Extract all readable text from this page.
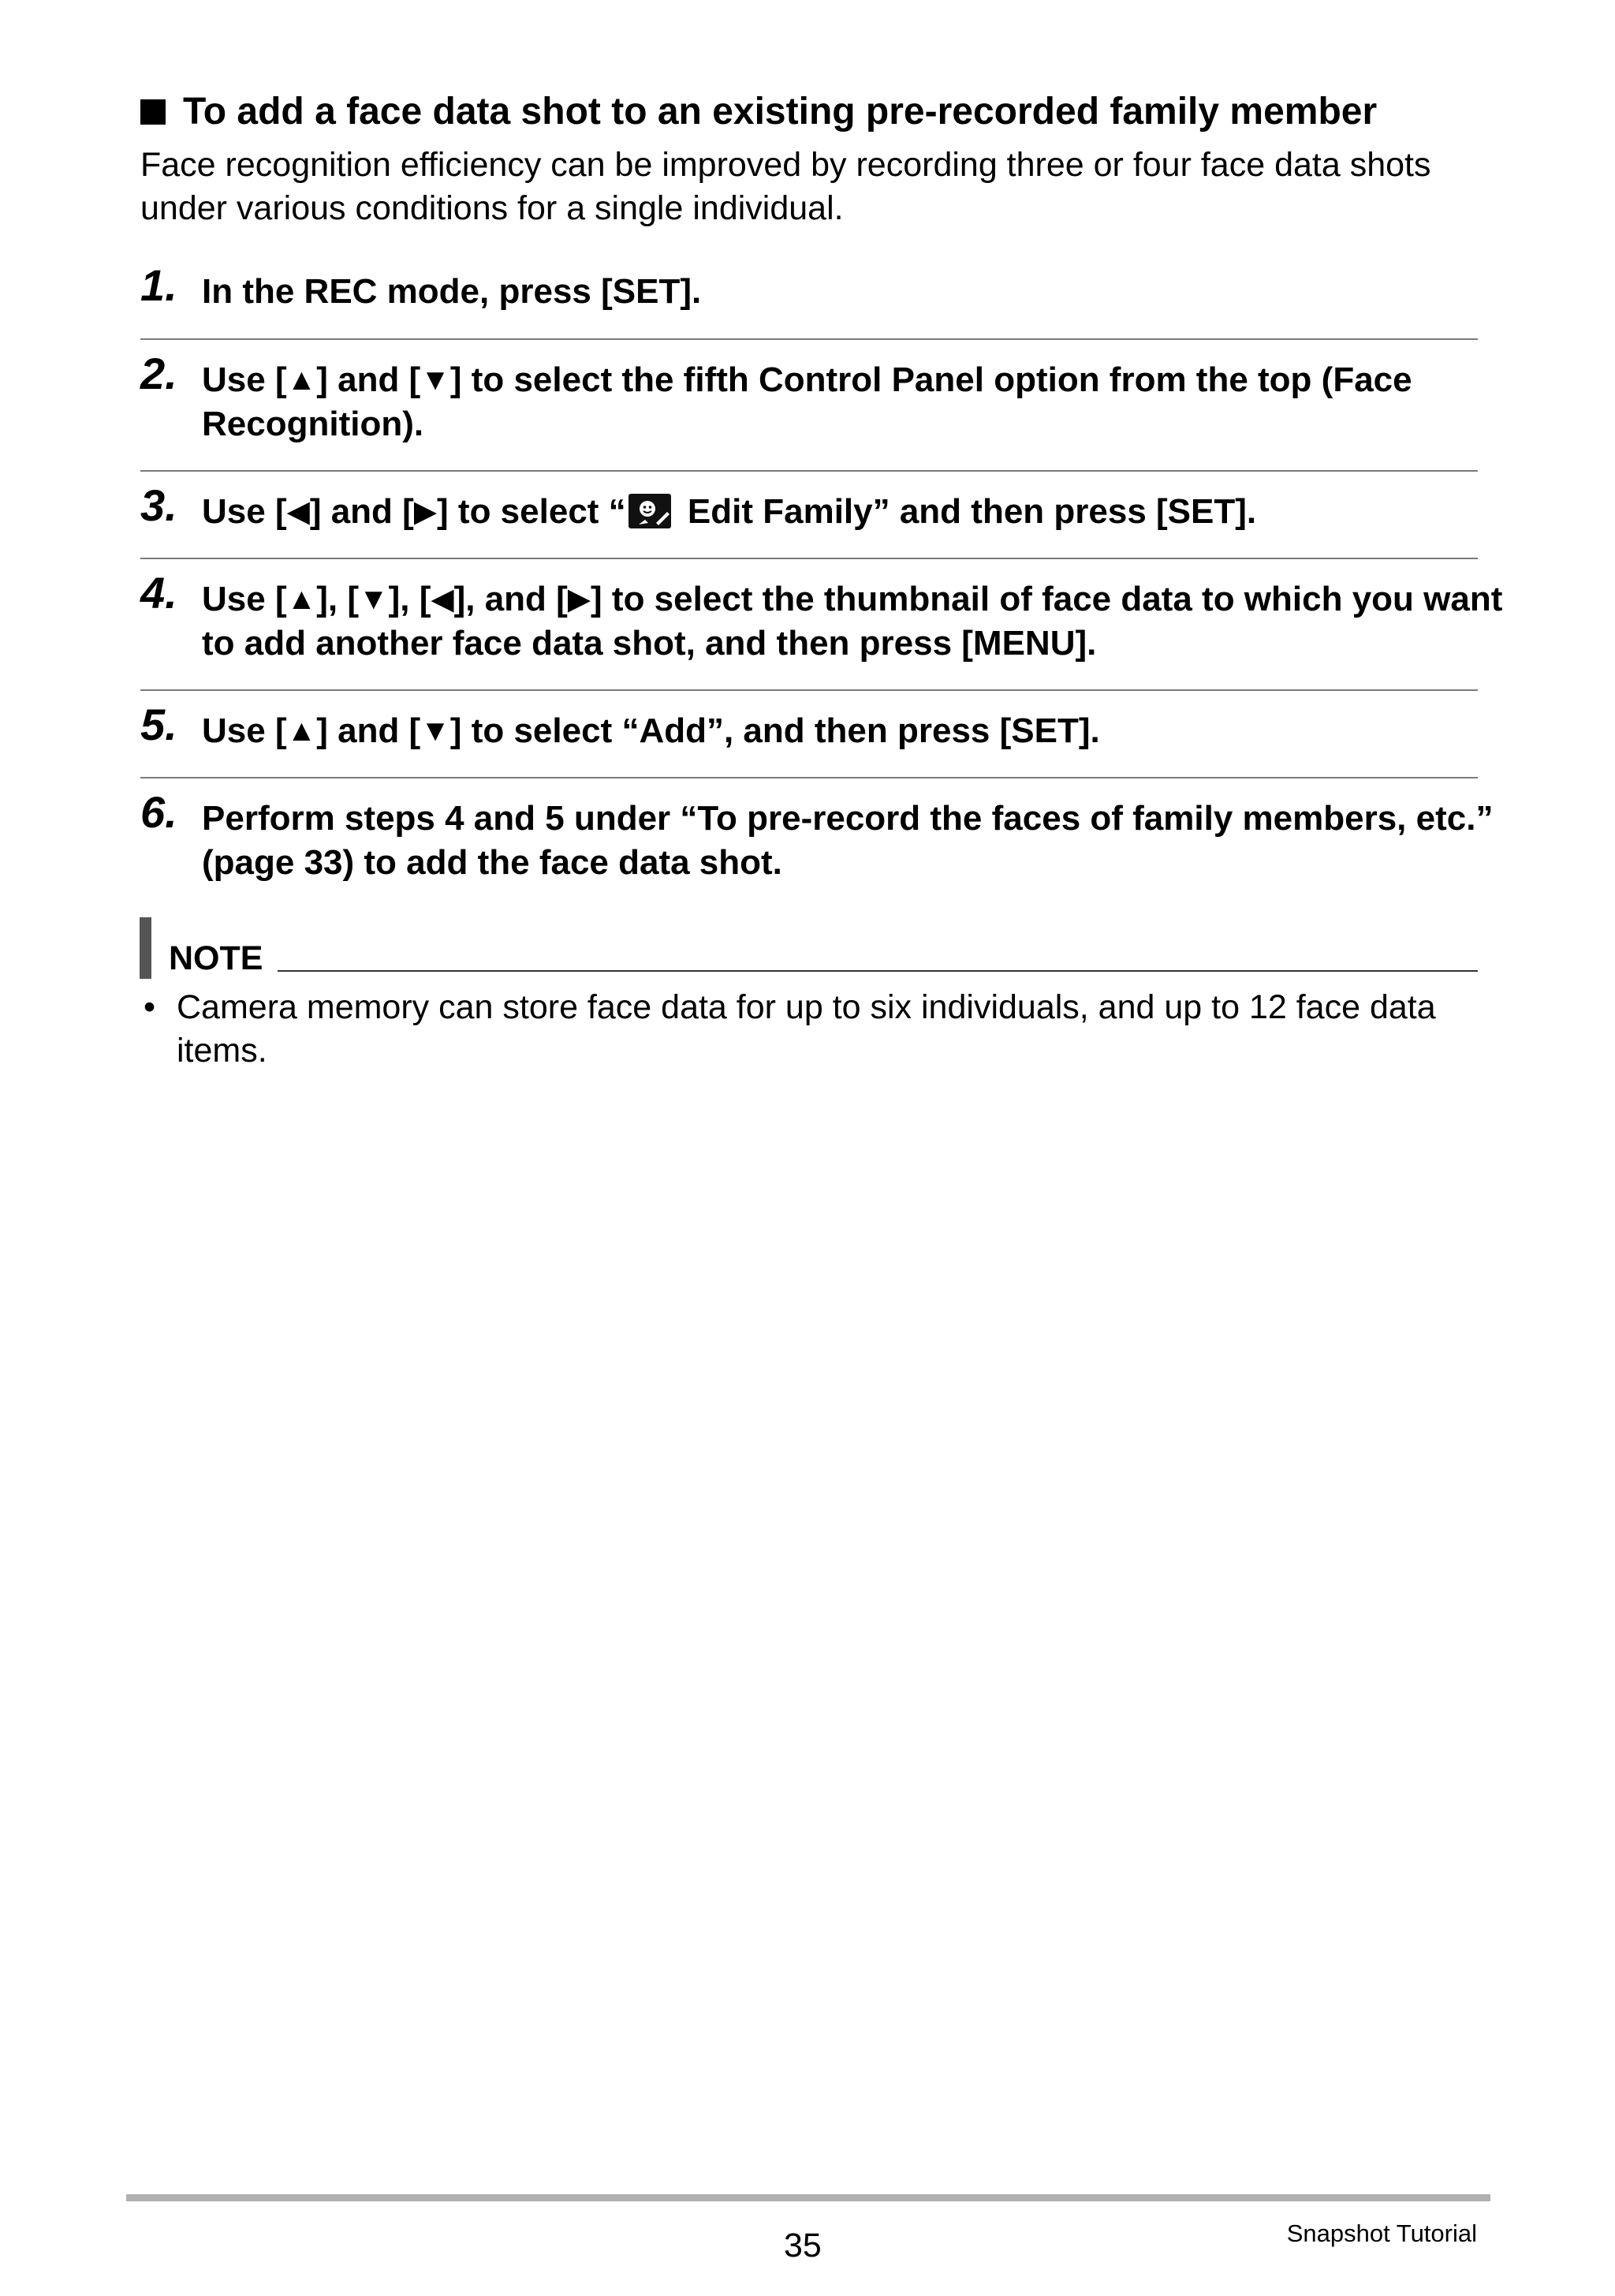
To add a face data shot to an existing pre-recorded family member
Face recognition efficiency can be improved by recording three or four face data shots under various conditions for a single individual.
1. In the REC mode, press [SET].
2. Use [▲] and [▼] to select the fifth Control Panel option from the top (Face Recognition).
3. Use [◀] and [▶] to select “ Edit Family” and then press [SET].
4. Use [▲], [▼], [◀], and [▶] to select the thumbnail of face data to which you want to add another face data shot, and then press [MENU].
5. Use [▲] and [▼] to select “Add”, and then press [SET].
6. Perform steps 4 and 5 under “To pre-record the faces of family members, etc.” (page 33) to add the face data shot.
NOTE
• Camera memory can store face data for up to six individuals, and up to 12 face data items.
35	Snapshot Tutorial
